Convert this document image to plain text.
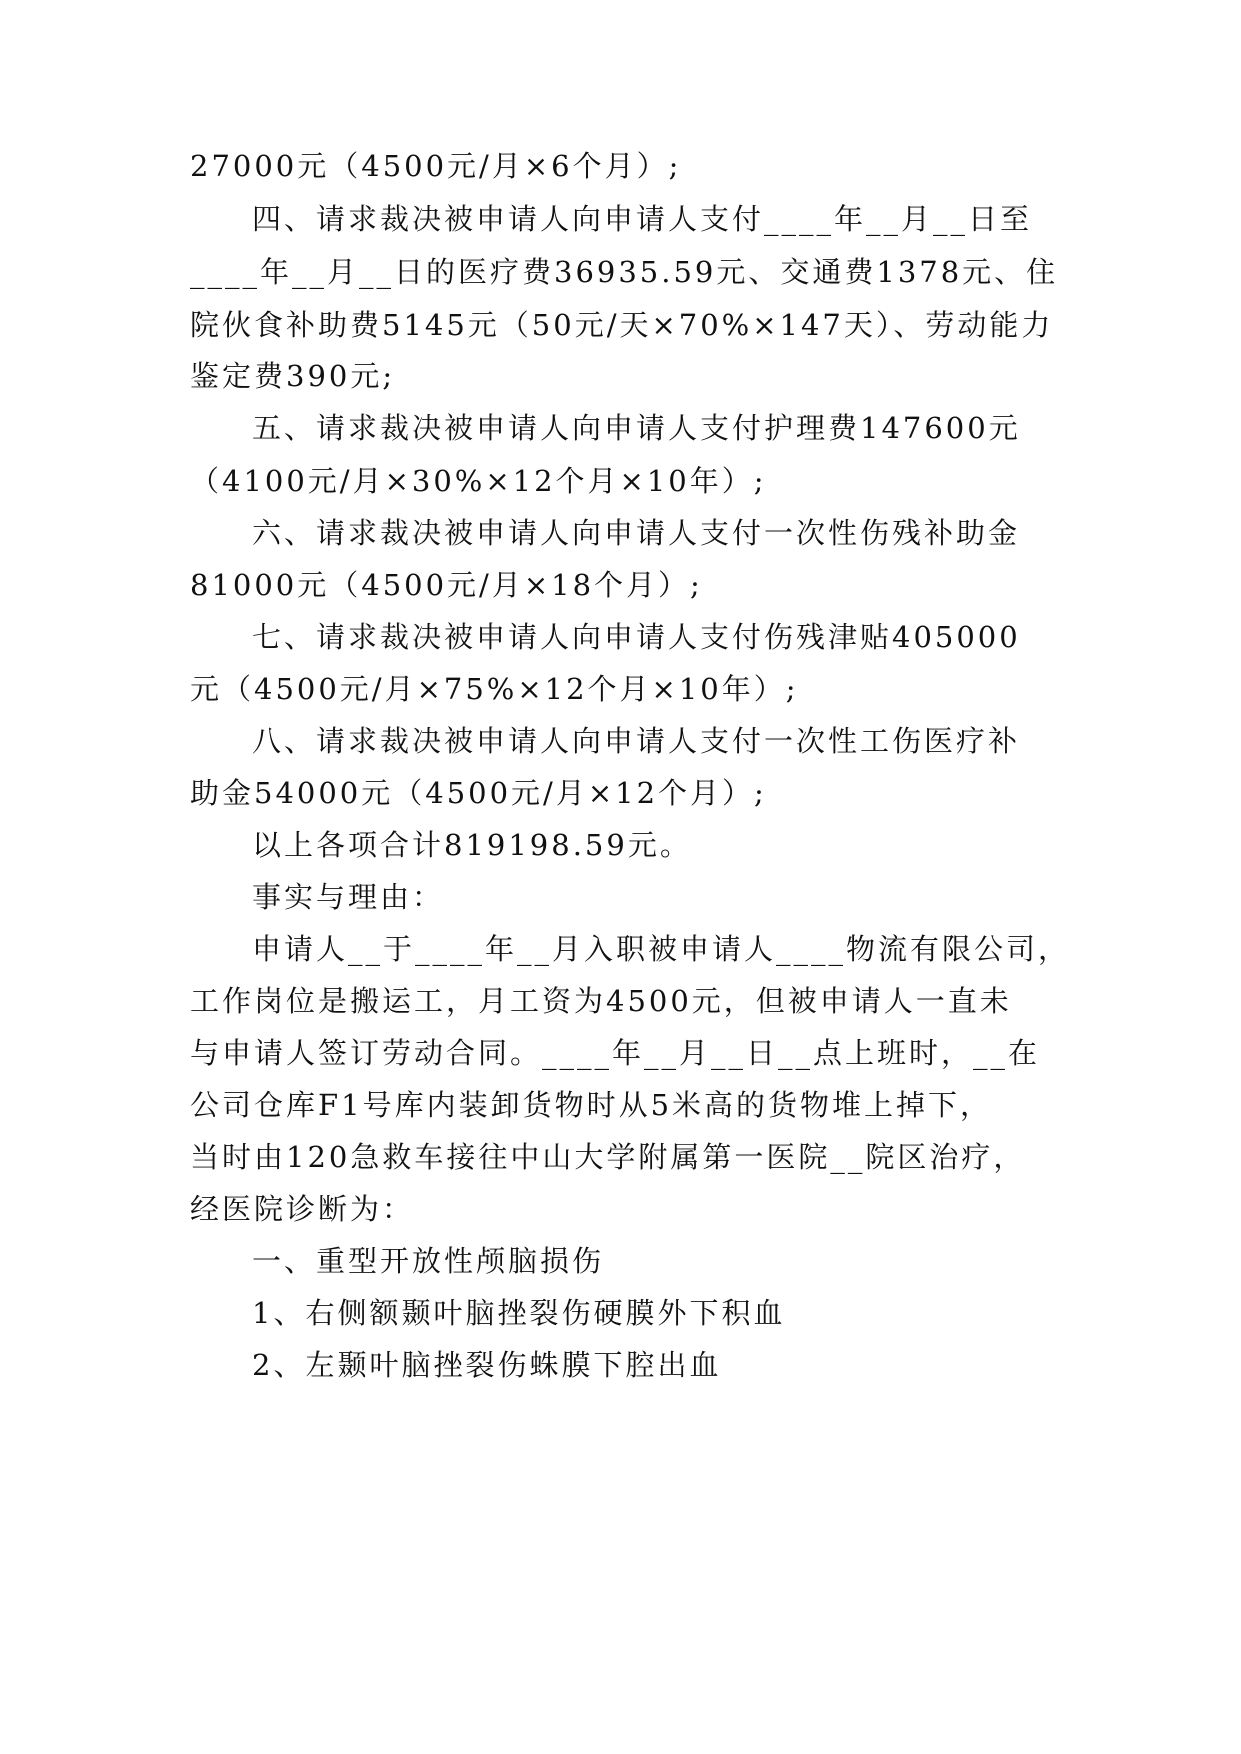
27000元（4500元/月×6个月）;
四、请求裁决被申请人向申请人支付____年__月__日至
____年__月__日的医疗费36935.59元、交通费1378元、住
院伙食补助费5145元（50元/天×70%×147天）、劳动能力
鉴定费390元;
五、请求裁决被申请人向申请人支付护理费147600元
（4100元/月×30%×12个月×10年）;
六、请求裁决被申请人向申请人支付一次性伤残补助金
81000元（4500元/月×18个月）;
七、请求裁决被申请人向申请人支付伤残津贴405000
元（4500元/月×75%×12个月×10年）;
八、请求裁决被申请人向申请人支付一次性工伤医疗补
助金54000元（4500元/月×12个月）;
以上各项合计819198.59元。
事实与理由：
申请人__于____年__月入职被申请人____物流有限公司，
工作岗位是搬运工，月工资为4500元，但被申请人一直未
与申请人签订劳动合同。____年__月__日__点上班时，__在
公司仓库F1号库内装卸货物时从5米高的货物堆上掉下，
当时由120急救车接往中山大学附属第一医院__院区治疗，
经医院诊断为：
一、重型开放性颅脑损伤
1、右侧额颞叶脑挫裂伤硬膜外下积血
2、左颞叶脑挫裂伤蛛膜下腔出血
